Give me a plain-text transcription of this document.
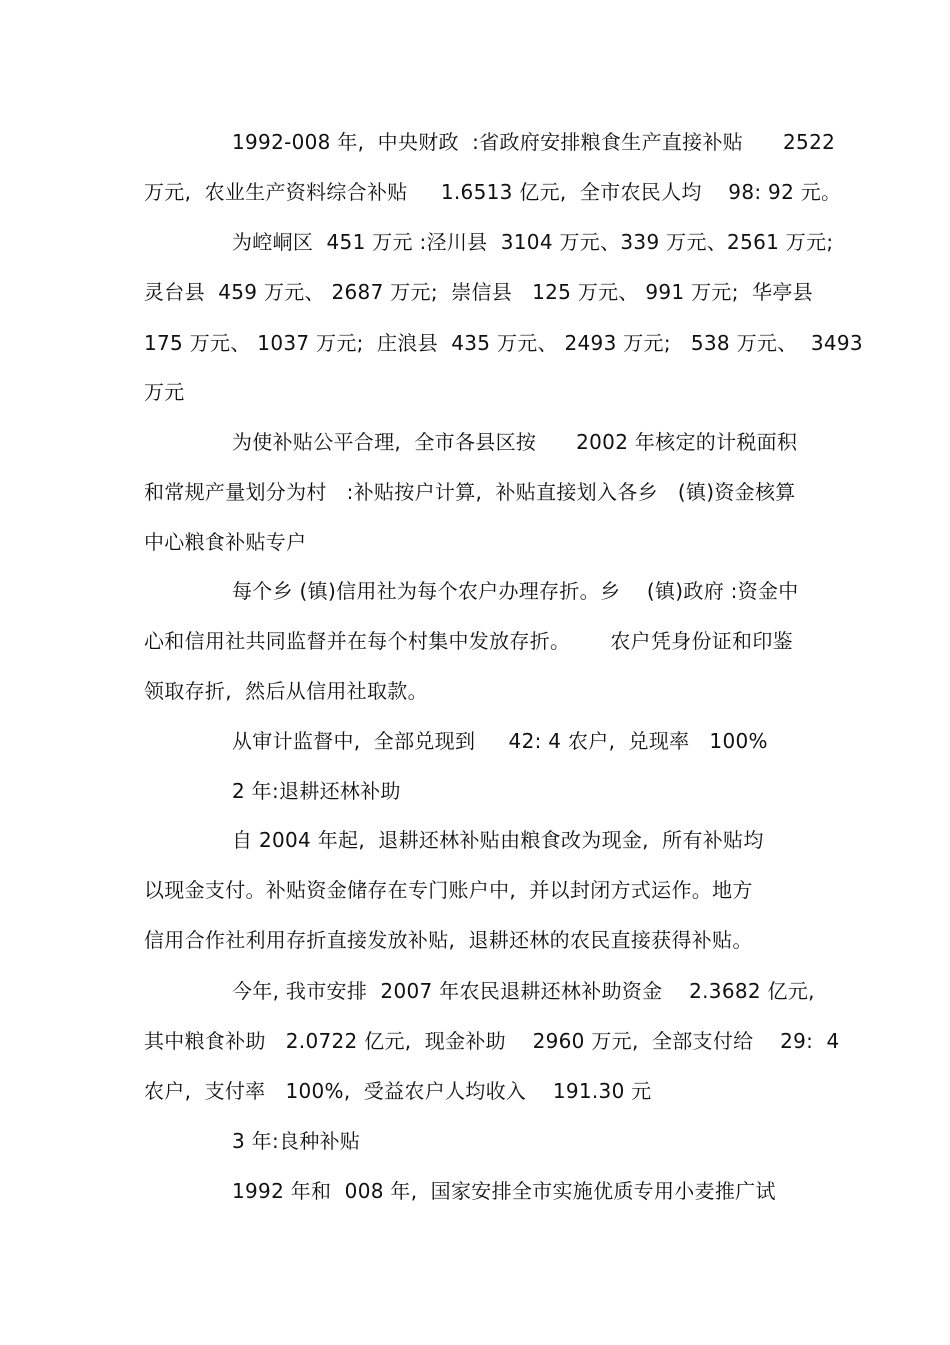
1992-008 年,  中央财政  :省政府安排粮食生产直接补贴      2522
万元,  农业生产资料综合补贴     1.6513 亿元,  全市农民人均    98: 92 元。
为崆峒区  451 万元 :泾川县  3104 万元、339 万元、2561 万元;
灵台县  459 万元、 2687 万元;  崇信县   125 万元、 991 万元;  华亭县
175 万元、 1037 万元;  庄浪县  435 万元、 2493 万元;   538 万元、  3493
万元
为使补贴公平合理,  全市各县区按      2002 年核定的计税面积
和常规产量划分为村   :补贴按户计算,  补贴直接划入各乡   (镇)资金核算
中心粮食补贴专户
每个乡 (镇)信用社为每个农户办理存折。乡    (镇)政府 :资金中
心和信用社共同监督并在每个村集中发放存折。      农户凭身份证和印鉴
领取存折,  然后从信用社取款。
从审计监督中,  全部兑现到     42: 4 农户,  兑现率   100%
2 年:退耕还林补助
自 2004 年起,  退耕还林补贴由粮食改为现金,  所有补贴均
以现金支付。补贴资金储存在专门账户中,  并以封闭方式运作。地方
信用合作社利用存折直接发放补贴,  退耕还林的农民直接获得补贴。
今年, 我市安排  2007 年农民退耕还林补助资金    2.3682 亿元,
其中粮食补助   2.0722 亿元,  现金补助    2960 万元,  全部支付给    29:  4
农户,  支付率   100%,  受益农户人均收入    191.30 元
3 年:良种补贴
1992 年和  008 年,  国家安排全市实施优质专用小麦推广试
